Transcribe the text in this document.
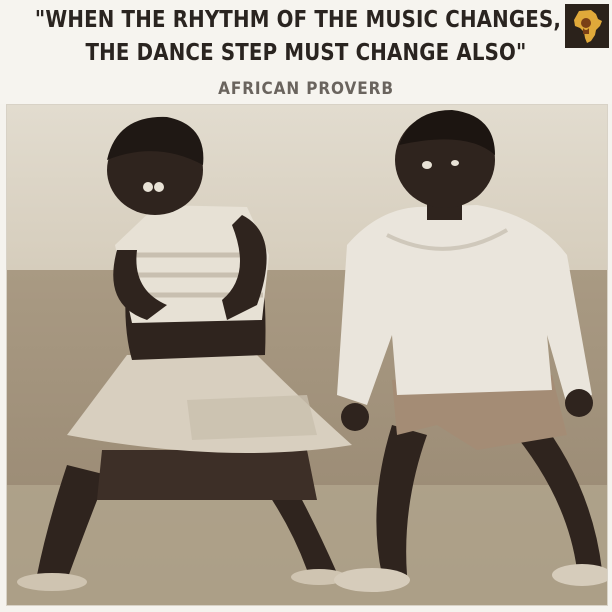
"WHEN THE RHYTHM OF THE MUSIC CHANGES,
THE DANCE STEP MUST CHANGE ALSO"
AFRICAN PROVERB
